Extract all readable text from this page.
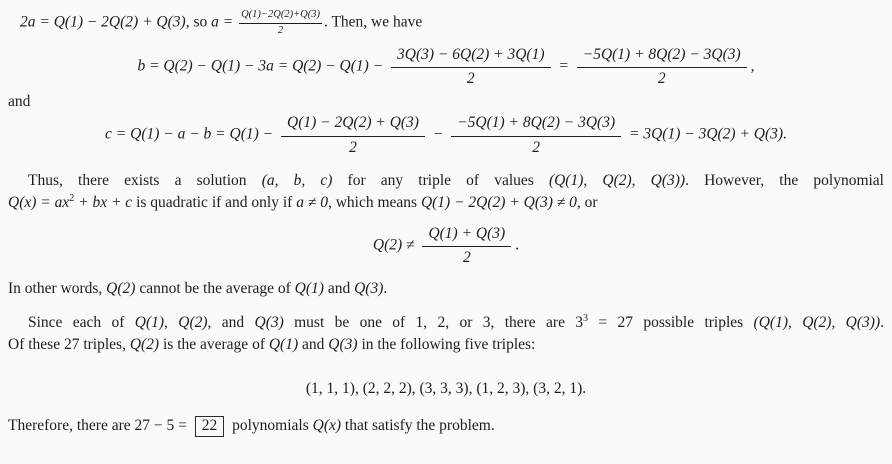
2a = Q(1) − 2Q(2) + Q(3), so $a = \frac{Q(1)-2Q(2)+Q(3)}{2}$ . Then, we have
$b = Q(2) - Q(1) - 3a = Q(2) - Q(1) - \frac{3Q(3) - 6Q(2) + 3Q(1)}{2} = \frac{-5Q(1) + 8Q(2) - 3Q(3)}{2}$ ,
and
$c = Q(1) - a - b = Q(1) - \frac{Q(1) - 2Q(2) + Q(3)}{2} - \frac{-5Q(1) + 8Q(2) - 3Q(3)}{2} = 3Q(1) - 3Q(2) + Q(3)$.
Thus, there exists a solution (a, b, c) for any triple of values (Q(1), Q(2), Q(3)). However, the polynomial
$Q(x) = ax^2$ + bx + c is quadratic if and only if a ≠ 0, which means Q(1) − 2Q(2) + Q(3) ≠ 0, or
$Q(2) \ne \frac{Q(1) + Q(3)}{2}$ .
In other words, Q(2) cannot be the average of Q(1) and Q(3).
Since each of Q(1), Q(2), and Q(3) must be one of 1, 2, or 3, there are $3^3 = 27$ possible triples (Q(1), Q(2), Q(3)).
Of these 27 triples, Q(2) is the average of Q(1) and Q(3) in the following five triples:
(1, 1, 1), (2, 2, 2), (3, 3, 3), (1, 2, 3), (3, 2, 1).
Therefore, there are 27 − 5 = 22 polynomials Q(x) that satisfy the problem.
